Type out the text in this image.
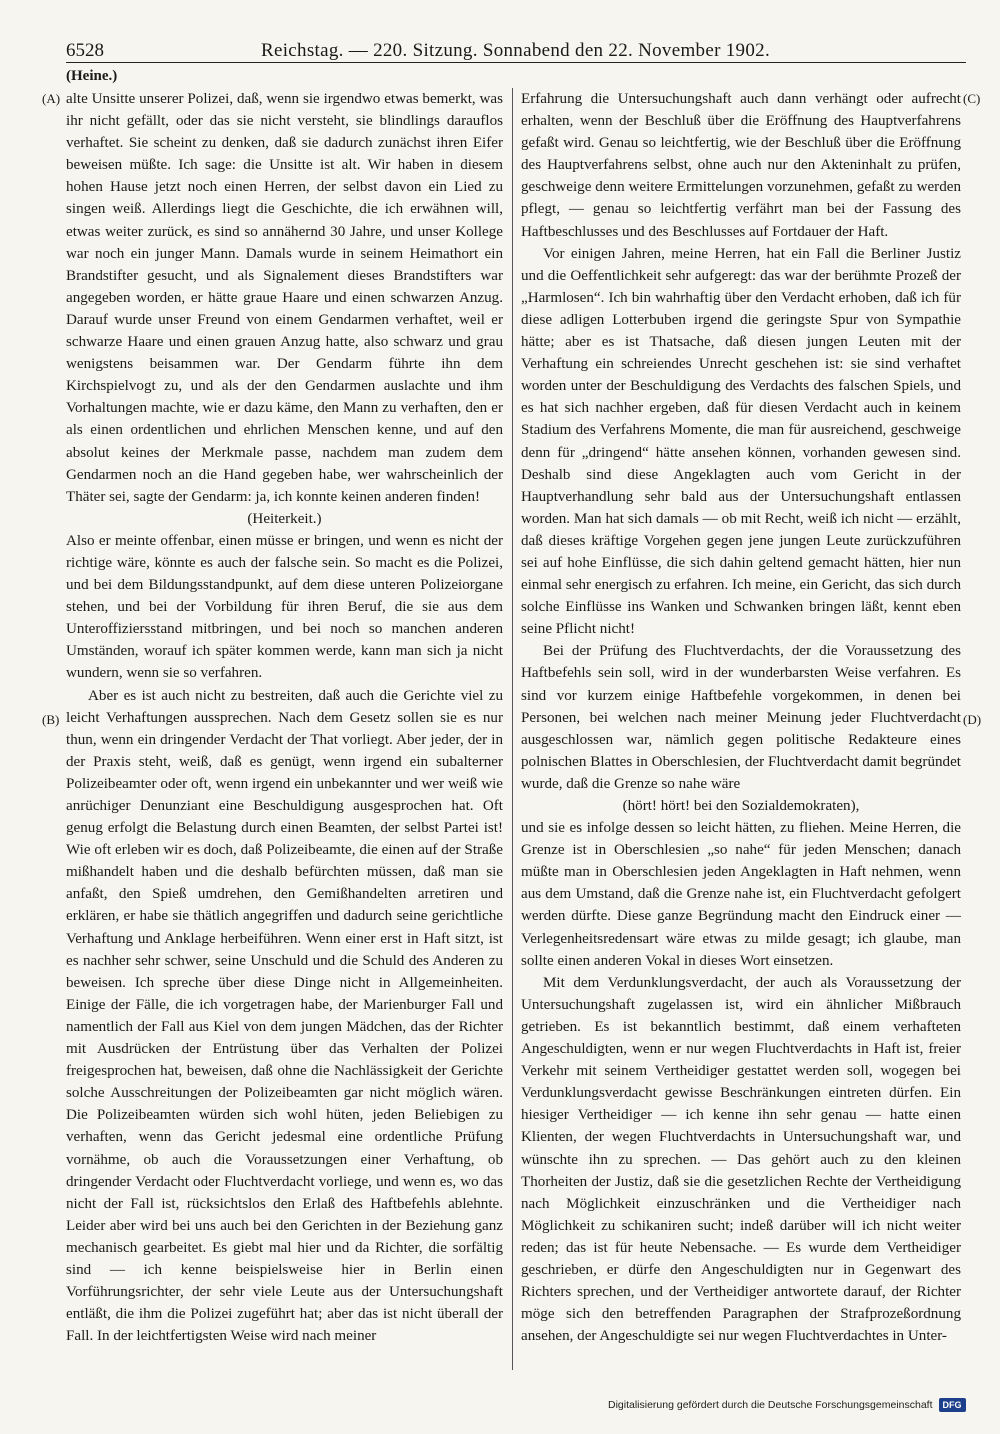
6528	Reichstag. — 220. Sitzung. Sonnabend den 22. November 1902.
(Heine.)
(A)
(B)
(C)
(D)

alte Unsitte unserer Polizei, daß, wenn sie irgendwo etwas bemerkt, was ihr nicht gefällt, oder das sie nicht versteht, sie blindlings darauflos verhaftet. Sie scheint zu denken, daß sie dadurch zunächst ihren Eifer beweisen müßte. Ich sage: die Unsitte ist alt. Wir haben in diesem hohen Hause jetzt noch einen Herren, der selbst davon ein Lied zu singen weiß. Allerdings liegt die Geschichte, die ich erwähnen will, etwas weiter zurück, es sind so annähernd 30 Jahre, und unser Kollege war noch ein junger Mann. Damals wurde in seinem Heimathort ein Brandstifter gesucht, und als Signalement dieses Brandstifters war angegeben worden, er hätte graue Haare und einen schwarzen Anzug. Darauf wurde unser Freund von einem Gendarmen verhaftet, weil er schwarze Haare und einen grauen Anzug hatte, also schwarz und grau wenigstens beisammen war. Der Gendarm führte ihn dem Kirchspielvogt zu, und als der den Gendarmen auslachte und ihm Vorhaltungen machte, wie er dazu käme, den Mann zu verhaften, den er als einen ordentlichen und ehrlichen Menschen kenne, und auf den absolut keines der Merkmale passe, nachdem man zudem dem Gendarmen noch an die Hand gegeben habe, wer wahrscheinlich der Thäter sei, sagte der Gendarm: ja, ich konnte keinen anderen finden!

(Heiterkeit.)

Also er meinte offenbar, einen müsse er bringen, und wenn es nicht der richtige wäre, könnte es auch der falsche sein. So macht es die Polizei, und bei dem Bildungsstandpunkt, auf dem diese unteren Polizeiorgane stehen, und bei der Vorbildung für ihren Beruf, die sie aus dem Unteroffiziersstand mitbringen, und bei noch so manchen anderen Umständen, worauf ich später kommen werde, kann man sich ja nicht wundern, wenn sie so verfahren.

Aber es ist auch nicht zu bestreiten, daß auch die Gerichte viel zu leicht Verhaftungen aussprechen. Nach dem Gesetz sollen sie es nur thun, wenn ein dringender Verdacht der That vorliegt. Aber jeder, der in der Praxis steht, weiß, daß es genügt, wenn irgend ein subalterner Polizeibeamter oder oft, wenn irgend ein unbekannter und wer weiß wie anrüchiger Denunziant eine Beschuldigung ausgesprochen hat. Oft genug erfolgt die Belastung durch einen Beamten, der selbst Partei ist! Wie oft erleben wir es doch, daß Polizeibeamte, die einen auf der Straße mißhandelt haben und die deshalb befürchten müssen, daß man sie anfaßt, den Spieß umdrehen, den Gemißhandelten arretiren und erklären, er habe sie thätlich angegriffen und dadurch seine gerichtliche Verhaftung und Anklage herbeiführen. Wenn einer erst in Haft sitzt, ist es nachher sehr schwer, seine Unschuld und die Schuld des Anderen zu beweisen. Ich spreche über diese Dinge nicht in Allgemeinheiten. Einige der Fälle, die ich vorgetragen habe, der Marienburger Fall und namentlich der Fall aus Kiel von dem jungen Mädchen, das der Richter mit Ausdrücken der Entrüstung über das Verhalten der Polizei freigesprochen hat, beweisen, daß ohne die Nachlässigkeit der Gerichte solche Ausschreitungen der Polizeibeamten gar nicht möglich wären. Die Polizeibeamten würden sich wohl hüten, jeden Beliebigen zu verhaften, wenn das Gericht jedesmal eine ordentliche Prüfung vornähme, ob auch die Voraussetzungen einer Verhaftung, ob dringender Verdacht oder Fluchtverdacht vorliege, und wenn es, wo das nicht der Fall ist, rücksichtslos den Erlaß des Haftbefehls ablehnte. Leider aber wird bei uns auch bei den Gerichten in der Beziehung ganz mechanisch gearbeitet. Es giebt mal hier und da Richter, die sorfältig sind — ich kenne beispielsweise hier in Berlin einen Vorführungsrichter, der sehr viele Leute aus der Untersuchungshaft entläßt, die ihm die Polizei zugeführt hat; aber das ist nicht überall der Fall. In der leichtfertigsten Weise wird nach meiner

Erfahrung die Untersuchungshaft auch dann verhängt oder aufrecht erhalten, wenn der Beschluß über die Eröffnung des Hauptverfahrens gefaßt wird. Genau so leichtfertig, wie der Beschluß über die Eröffnung des Hauptverfahrens selbst, ohne auch nur den Akteninhalt zu prüfen, geschweige denn weitere Ermittelungen vorzunehmen, gefaßt zu werden pflegt, — genau so leichtfertig verfährt man bei der Fassung des Haftbeschlusses und des Beschlusses auf Fortdauer der Haft.

Vor einigen Jahren, meine Herren, hat ein Fall die Berliner Justiz und die Oeffentlichkeit sehr aufgeregt: das war der berühmte Prozeß der „Harmlosen“. Ich bin wahrhaftig über den Verdacht erhoben, daß ich für diese adligen Lotterbuben irgend die geringste Spur von Sympathie hätte; aber es ist Thatsache, daß diesen jungen Leuten mit der Verhaftung ein schreiendes Unrecht geschehen ist: sie sind verhaftet worden unter der Beschuldigung des Verdachts des falschen Spiels, und es hat sich nachher ergeben, daß für diesen Verdacht auch in keinem Stadium des Verfahrens Momente, die man für ausreichend, geschweige denn für „dringend“ hätte ansehen können, vorhanden gewesen sind. Deshalb sind diese Angeklagten auch vom Gericht in der Hauptverhandlung sehr bald aus der Untersuchungshaft entlassen worden. Man hat sich damals — ob mit Recht, weiß ich nicht — erzählt, daß dieses kräftige Vorgehen gegen jene jungen Leute zurückzuführen sei auf hohe Einflüsse, die sich dahin geltend gemacht hätten, hier nun einmal sehr energisch zu erfahren. Ich meine, ein Gericht, das sich durch solche Einflüsse ins Wanken und Schwanken bringen läßt, kennt eben seine Pflicht nicht!

Bei der Prüfung des Fluchtverdachts, der die Voraussetzung des Haftbefehls sein soll, wird in der wunderbarsten Weise verfahren. Es sind vor kurzem einige Haftbefehle vorgekommen, in denen bei Personen, bei welchen nach meiner Meinung jeder Fluchtverdacht ausgeschlossen war, nämlich gegen politische Redakteure eines polnischen Blattes in Oberschlesien, der Fluchtverdacht damit begründet wurde, daß die Grenze so nahe wäre

(hört! hört! bei den Sozialdemokraten),

und sie es infolge dessen so leicht hätten, zu fliehen. Meine Herren, die Grenze ist in Oberschlesien „so nahe“ für jeden Menschen; danach müßte man in Oberschlesien jeden Angeklagten in Haft nehmen, wenn aus dem Umstand, daß die Grenze nahe ist, ein Fluchtverdacht gefolgert werden dürfte. Diese ganze Begründung macht den Eindruck einer — Verlegenheitsredensart wäre etwas zu milde gesagt; ich glaube, man sollte einen anderen Vokal in dieses Wort einsetzen.

Mit dem Verdunklungsverdacht, der auch als Voraussetzung der Untersuchungshaft zugelassen ist, wird ein ähnlicher Mißbrauch getrieben. Es ist bekanntlich bestimmt, daß einem verhafteten Angeschuldigten, wenn er nur wegen Fluchtverdachts in Haft ist, freier Verkehr mit seinem Vertheidiger gestattet werden soll, wogegen bei Verdunklungsverdacht gewisse Beschränkungen eintreten dürfen. Ein hiesiger Vertheidiger — ich kenne ihn sehr genau — hatte einen Klienten, der wegen Fluchtverdachts in Untersuchungshaft war, und wünschte ihn zu sprechen. — Das gehört auch zu den kleinen Thorheiten der Justiz, daß sie die gesetzlichen Rechte der Vertheidigung nach Möglichkeit einzuschränken und die Vertheidiger nach Möglichkeit zu schikaniren sucht; indeß darüber will ich nicht weiter reden; das ist für heute Nebensache. — Es wurde dem Vertheidiger geschrieben, er dürfe den Angeschuldigten nur in Gegenwart des Richters sprechen, und der Vertheidiger antwortete darauf, der Richter möge sich den betreffenden Paragraphen der Strafprozeßordnung ansehen, der Angeschuldigte sei nur wegen Fluchtverdachtes in Unter-

Digitalisierung gefördert durch die Deutsche Forschungsgemeinschaft	DFG
